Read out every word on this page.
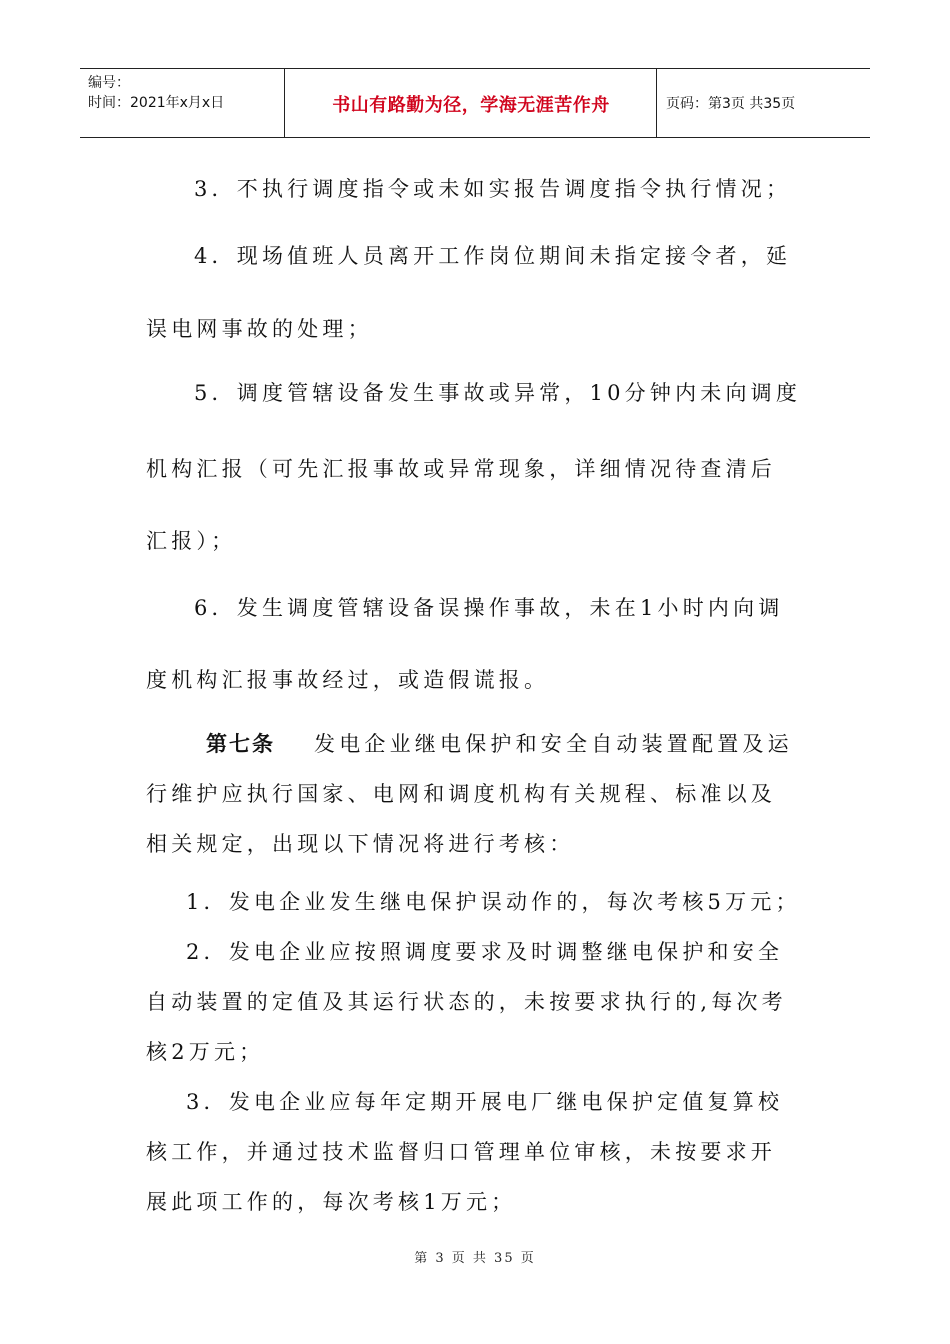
编号：
时间：2021年x月x日	书山有路勤为径，学海无涯苦作舟	页码：第3页 共35页
3．不执行调度指令或未如实报告调度指令执行情况；
4．现场值班人员离开工作岗位期间未指定接令者，延
误电网事故的处理；
5．调度管辖设备发生事故或异常，10分钟内未向调度
机构汇报（可先汇报事故或异常现象，详细情况待查清后
汇报）；
6．发生调度管辖设备误操作事故，未在1小时内向调
度机构汇报事故经过，或造假谎报。
第七条 发电企业继电保护和安全自动装置配置及运
行维护应执行国家、电网和调度机构有关规程、标准以及
相关规定，出现以下情况将进行考核：
1．发电企业发生继电保护误动作的，每次考核5万元；
2．发电企业应按照调度要求及时调整继电保护和安全
自动装置的定值及其运行状态的，未按要求执行的,每次考
核2万元；
3．发电企业应每年定期开展电厂继电保护定值复算校
核工作，并通过技术监督归口管理单位审核，未按要求开
展此项工作的，每次考核1万元；
第 3 页 共 35 页
